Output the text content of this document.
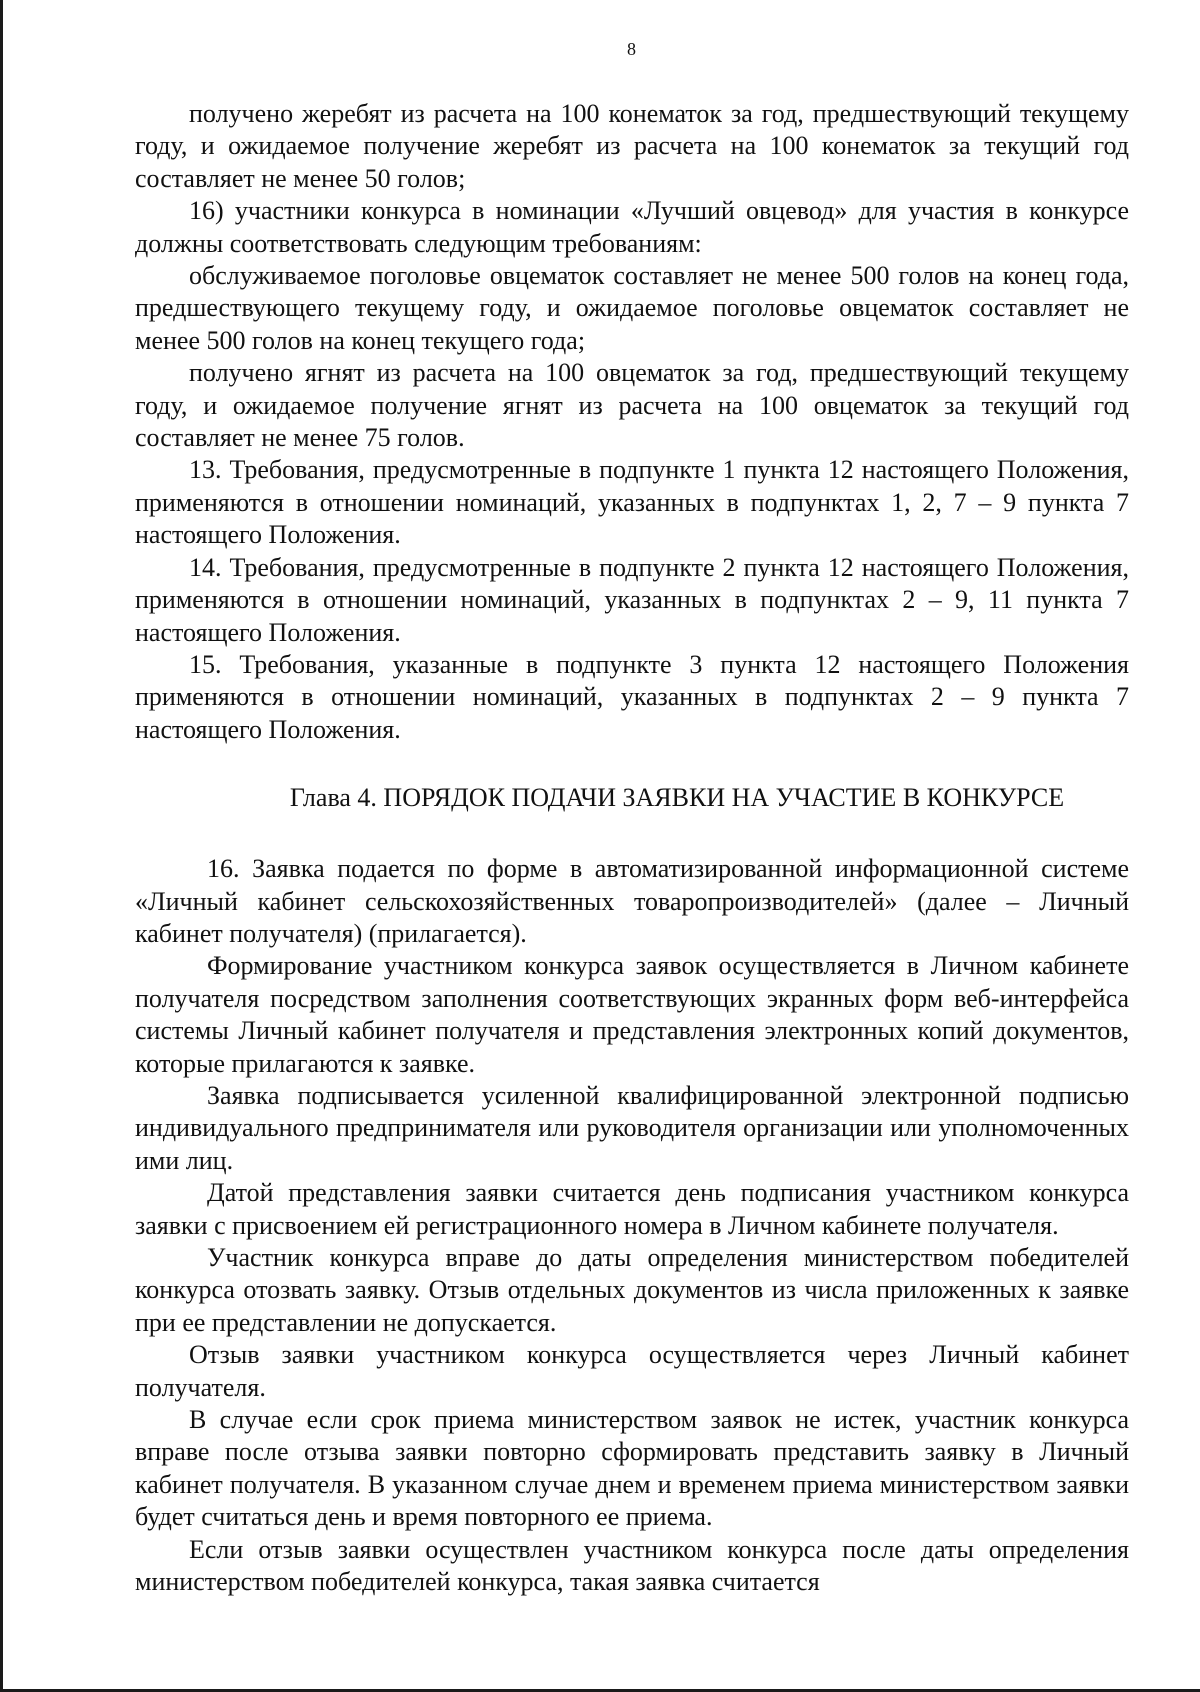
8

получено жеребят из расчета на 100 конематок за год, предшествующий текущему году, и ожидаемое получение жеребят из расчета на 100 конематок за текущий год составляет не менее 50 голов;

16) участники конкурса в номинации «Лучший овцевод» для участия в конкурсе должны соответствовать следующим требованиям:

обслуживаемое поголовье овцематок составляет не менее 500 голов на конец года, предшествующего текущему году, и ожидаемое поголовье овцематок составляет не менее 500 голов на конец текущего года;

получено ягнят из расчета на 100 овцематок за год, предшествующий текущему году, и ожидаемое получение ягнят из расчета на 100 овцематок за текущий год составляет не менее 75 голов.

13. Требования, предусмотренные в подпункте 1 пункта 12 настоящего Положения, применяются в отношении номинаций, указанных в подпунктах 1, 2, 7 – 9 пункта 7 настоящего Положения.

14. Требования, предусмотренные в подпункте 2 пункта 12 настоящего Положения, применяются в отношении номинаций, указанных в подпунктах 2 – 9, 11 пункта 7 настоящего Положения.

15. Требования, указанные в подпункте 3 пункта 12 настоящего Положения применяются в отношении номинаций, указанных в подпунктах 2 – 9 пункта 7 настоящего Положения.

Глава 4. ПОРЯДОК ПОДАЧИ ЗАЯВКИ НА УЧАСТИЕ В КОНКУРСЕ

16. Заявка подается по форме в автоматизированной информационной системе «Личный кабинет сельскохозяйственных товаропроизводителей» (далее – Личный кабинет получателя) (прилагается).

Формирование участником конкурса заявок осуществляется в Личном кабинете получателя посредством заполнения соответствующих экранных форм веб-интерфейса системы Личный кабинет получателя и представления электронных копий документов, которые прилагаются к заявке.

Заявка подписывается усиленной квалифицированной электронной подписью индивидуального предпринимателя или руководителя организации или уполномоченных ими лиц.

Датой представления заявки считается день подписания участником конкурса заявки с присвоением ей регистрационного номера в Личном кабинете получателя.

Участник конкурса вправе до даты определения министерством победителей конкурса отозвать заявку. Отзыв отдельных документов из числа приложенных к заявке при ее представлении не допускается.

Отзыв заявки участником конкурса осуществляется через Личный кабинет получателя.

В случае если срок приема министерством заявок не истек, участник конкурса вправе после отзыва заявки повторно сформировать представить заявку в Личный кабинет получателя. В указанном случае днем и временем приема министерством заявки будет считаться день и время повторного ее приема.

Если отзыв заявки осуществлен участником конкурса после даты определения министерством победителей конкурса, такая заявка считается
